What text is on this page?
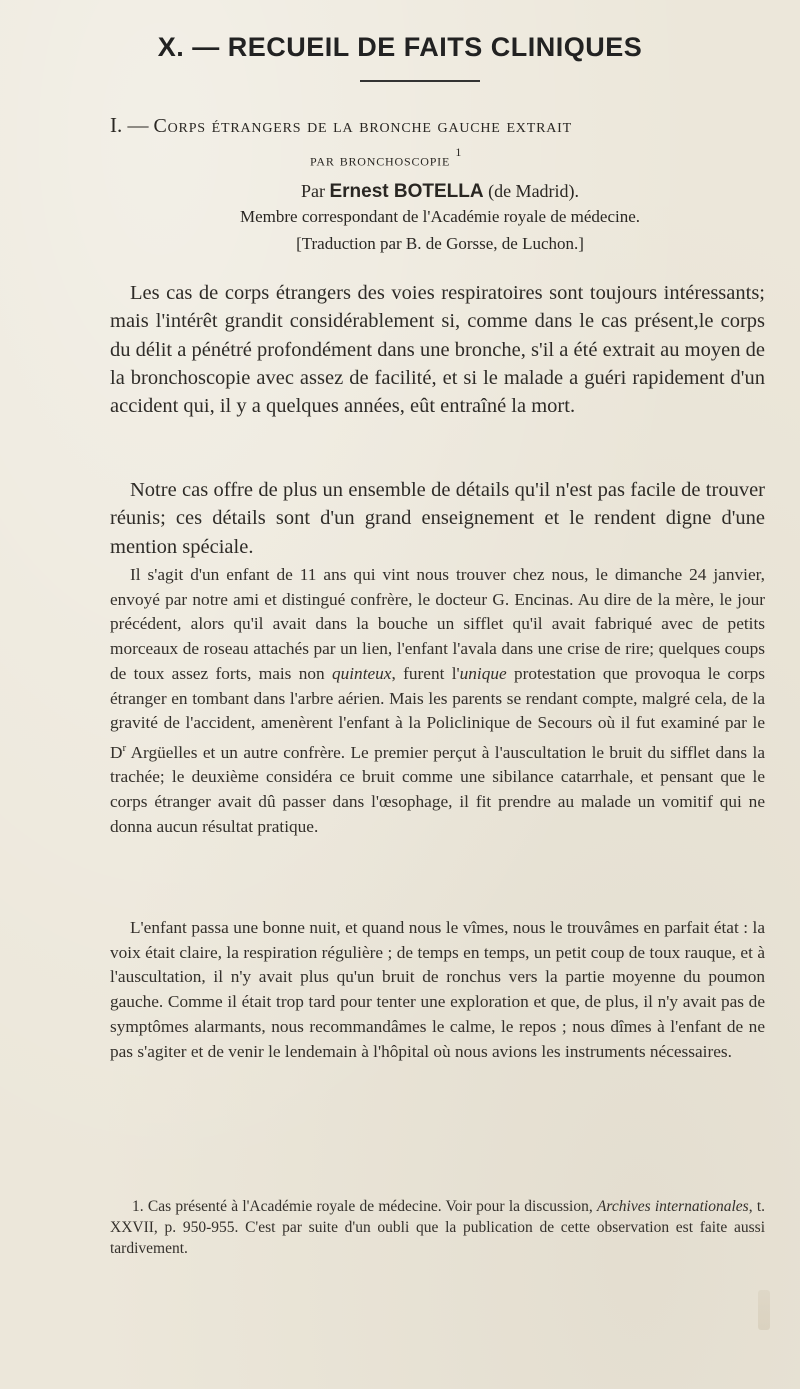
X. — RECUEIL DE FAITS CLINIQUES
I. — Corps étrangers de la bronche gauche extrait
par bronchoscopie $^1$
Par Ernest BOTELLA (de Madrid).
Membre correspondant de l'Académie royale de médecine.
[Traduction par B. de Gorsse, de Luchon.]

Les cas de corps étrangers des voies respiratoires sont toujours intéressants; mais l'intérêt grandit considérablement si, comme dans le cas présent,le corps du délit a pénétré profondément dans une bronche, s'il a été extrait au moyen de la bronchoscopie avec assez de facilité, et si le malade a guéri rapidement d'un accident qui, il y a quelques années, eût entraîné la mort.

Notre cas offre de plus un ensemble de détails qu'il n'est pas facile de trouver réunis; ces détails sont d'un grand enseignement et le rendent digne d'une mention spéciale.

Il s'agit d'un enfant de 11 ans qui vint nous trouver chez nous, le dimanche 24 janvier, envoyé par notre ami et distingué confrère, le docteur G. Encinas. Au dire de la mère, le jour précédent, alors qu'il avait dans la bouche un sifflet qu'il avait fabriqué avec de petits morceaux de roseau attachés par un lien, l'enfant l'avala dans une crise de rire; quelques coups de toux assez forts, mais non quinteux, furent l'unique protestation que provoqua le corps étranger en tombant dans l'arbre aérien. Mais les parents se rendant compte, malgré cela, de la gravité de l'accident, amenèrent l'enfant à la Policlinique de Secours où il fut examiné par le $D^r$ Argüelles et un autre confrère. Le premier perçut à l'auscultation le bruit du sifflet dans la trachée; le deuxième considéra ce bruit comme une sibilance catarrhale, et pensant que le corps étranger avait dû passer dans l'œsophage, il fit prendre au malade un vomitif qui ne donna aucun résultat pratique.

L'enfant passa une bonne nuit, et quand nous le vîmes, nous le trouvâmes en parfait état : la voix était claire, la respiration régulière ; de temps en temps, un petit coup de toux rauque, et à l'auscultation, il n'y avait plus qu'un bruit de ronchus vers la partie moyenne du poumon gauche. Comme il était trop tard pour tenter une exploration et que, de plus, il n'y avait pas de symptômes alarmants, nous recommandâmes le calme, le repos ; nous dîmes à l'enfant de ne pas s'agiter et de venir le lendemain à l'hôpital où nous avions les instruments nécessaires.

1. Cas présenté à l'Académie royale de médecine. Voir pour la discussion, Archives internationales, t. XXVII, p. 950-955. C'est par suite d'un oubli que la publication de cette observation est faite aussi tardivement.
